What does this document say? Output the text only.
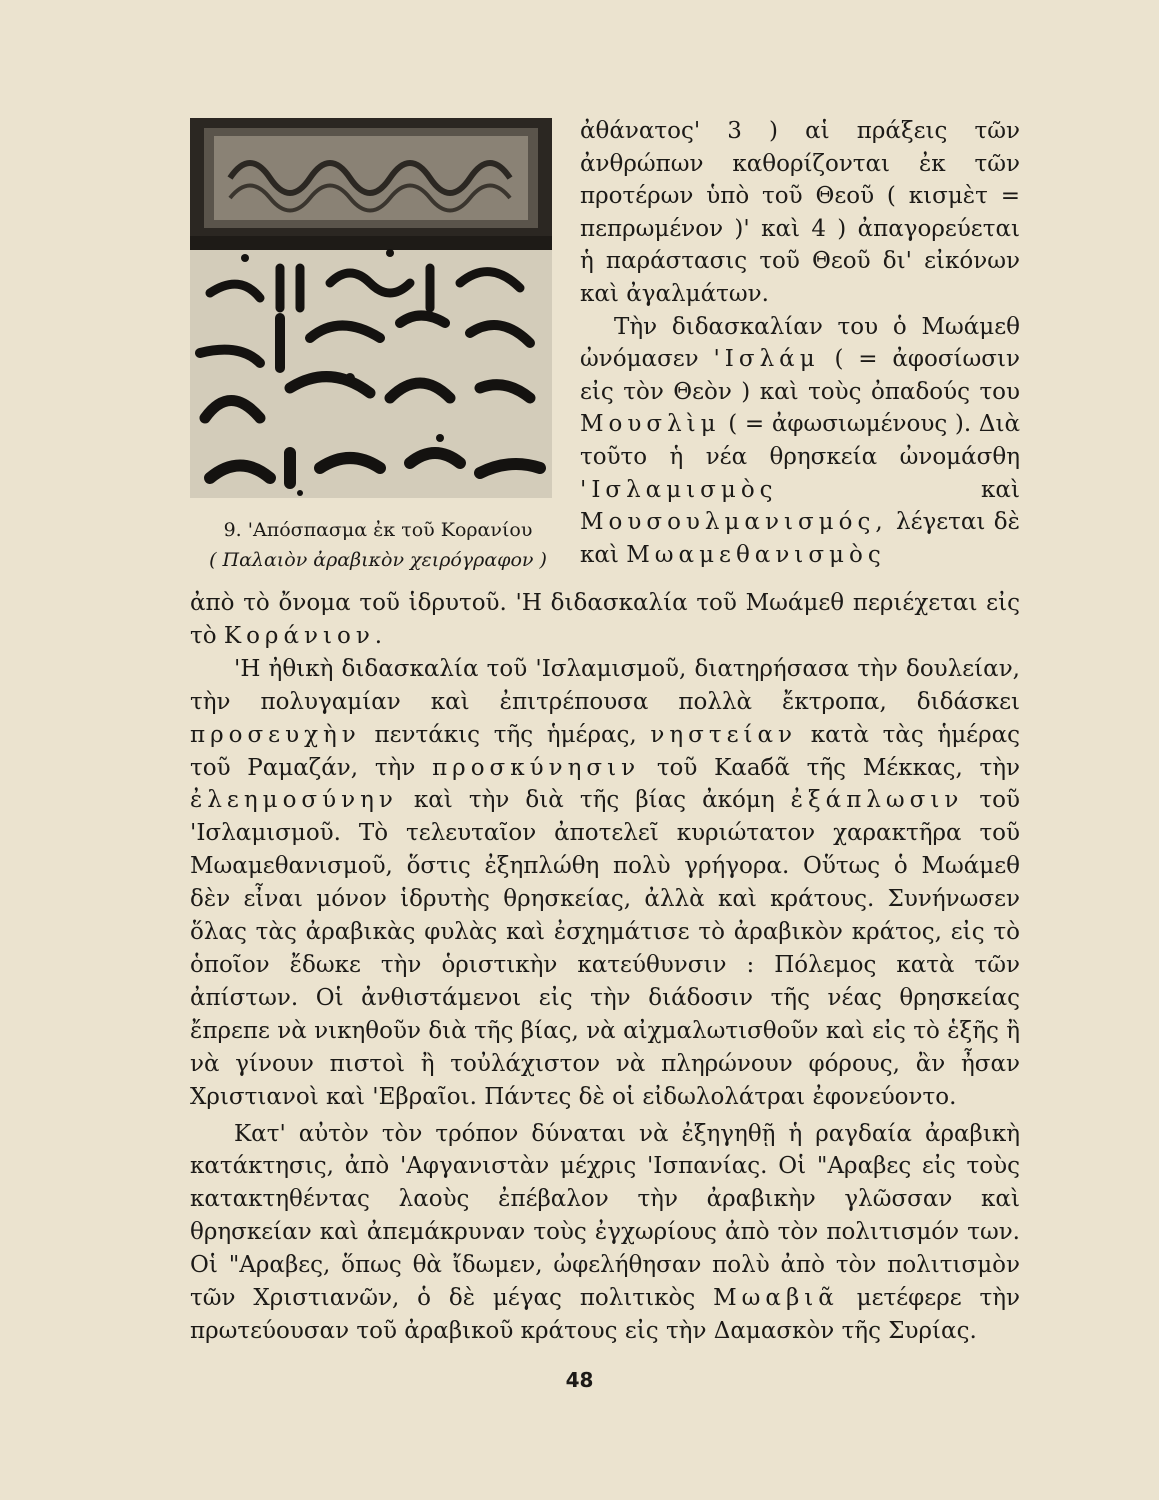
9. 'Απόσπασμα ἐκ τοῦ Κορανίου
( Παλαιὸν ἀραβικὸν χειρόγραφον )

ἀθάνατος' 3 ) αἱ πράξεις τῶν ἀνθρώπων καθορίζονται ἐκ τῶν προτέρων ὑπὸ τοῦ Θεοῦ ( κισμὲτ = πεπρωμένον )' καὶ 4 ) ἀπαγορεύεται ἡ παράστασις τοῦ Θεοῦ δι' εἰκόνων καὶ ἀγαλμάτων.

Τὴν διδασκαλίαν του ὁ Μωάμεθ ὠνόμασεν 'Ισλάμ ( = ἀφοσίωσιν εἰς τὸν Θεὸν ) καὶ τοὺς ὀπαδούς του Μουσλὶμ ( = ἀφωσιωμένους ). Διὰ τοῦτο ἡ νέα θρησκεία ὠνομάσθη 'Ισλαμισμὸς καὶ Μουσουλμανισμός, λέγεται δὲ καὶ Μωαμεθανισμὸς

ἀπὸ τὸ ὄνομα τοῦ ἱδρυτοῦ. 'Η διδασκαλία τοῦ Μωάμεθ περιέχεται εἰς τὸ Κοράνιον.

'Η ἠθικὴ διδασκαλία τοῦ 'Ισλαμισμοῦ, διατηρήσασα τὴν δουλείαν, τὴν πολυγαμίαν καὶ ἐπιτρέπουσα πολλὰ ἔκτροπα, διδάσκει προσευχὴν πεντάκις τῆς ἡμέρας, νηστείαν κατὰ τὰς ἡμέρας τοῦ Ραμαζάν, τὴν προσκύνησιν τοῦ Καабᾶ τῆς Μέκκας, τὴν ἐλεημοσύνην καὶ τὴν διὰ τῆς βίας ἀκόμη ἐξάπλωσιν τοῦ 'Ισλαμισμοῦ. Τὸ τελευταῖον ἀποτελεῖ κυριώτατον χαρακτῆρα τοῦ Μωαμεθανισμοῦ, ὅστις ἐξηπλώθη πολὺ γρήγορα. Οὕτως ὁ Μωάμεθ δὲν εἶναι μόνον ἱδρυτὴς θρησκείας, ἀλλὰ καὶ κράτους. Συνήνωσεν ὅλας τὰς ἀραβικὰς φυλὰς καὶ ἐσχημάτισε τὸ ἀραβικὸν κράτος, εἰς τὸ ὁποῖον ἔδωκε τὴν ὁριστικὴν κατεύθυνσιν : Πόλεμος κατὰ τῶν ἀπίστων. Οἱ ἀνθιστάμενοι εἰς τὴν διάδοσιν τῆς νέας θρησκείας ἔπρεπε νὰ νικηθοῦν διὰ τῆς βίας, νὰ αἰχμαλωτισθοῦν καὶ εἰς τὸ ἑξῆς ἢ νὰ γίνουν πιστοὶ ἢ τοὐλάχιστον νὰ πληρώνουν φόρους, ἂν ἦσαν Χριστιανοὶ καὶ 'Εβραῖοι. Πάντες δὲ οἱ εἰδωλολάτραι ἐφονεύοντο.

Κατ' αὐτὸν τὸν τρόπον δύναται νὰ ἐξηγηθῇ ἡ ραγδαία ἀραβικὴ κατάκτησις, ἀπὸ 'Αφγανιστὰν μέχρις 'Ισπανίας. Οἱ "Αραβες εἰς τοὺς κατακτηθέντας λαοὺς ἐπέβαλον τὴν ἀραβικὴν γλῶσσαν καὶ θρησκείαν καὶ ἀπεμάκρυναν τοὺς ἐγχωρίους ἀπὸ τὸν πολιτισμόν των. Οἱ "Αραβες, ὅπως θὰ ἴδωμεν, ὠφελήθησαν πολὺ ἀπὸ τὸν πολιτισμὸν τῶν Χριστιανῶν, ὁ δὲ μέγας πολιτικὸς Μωαβιᾶ μετέφερε τὴν πρωτεύουσαν τοῦ ἀραβικοῦ κράτους εἰς τὴν Δαμασκὸν τῆς Συρίας.

48
